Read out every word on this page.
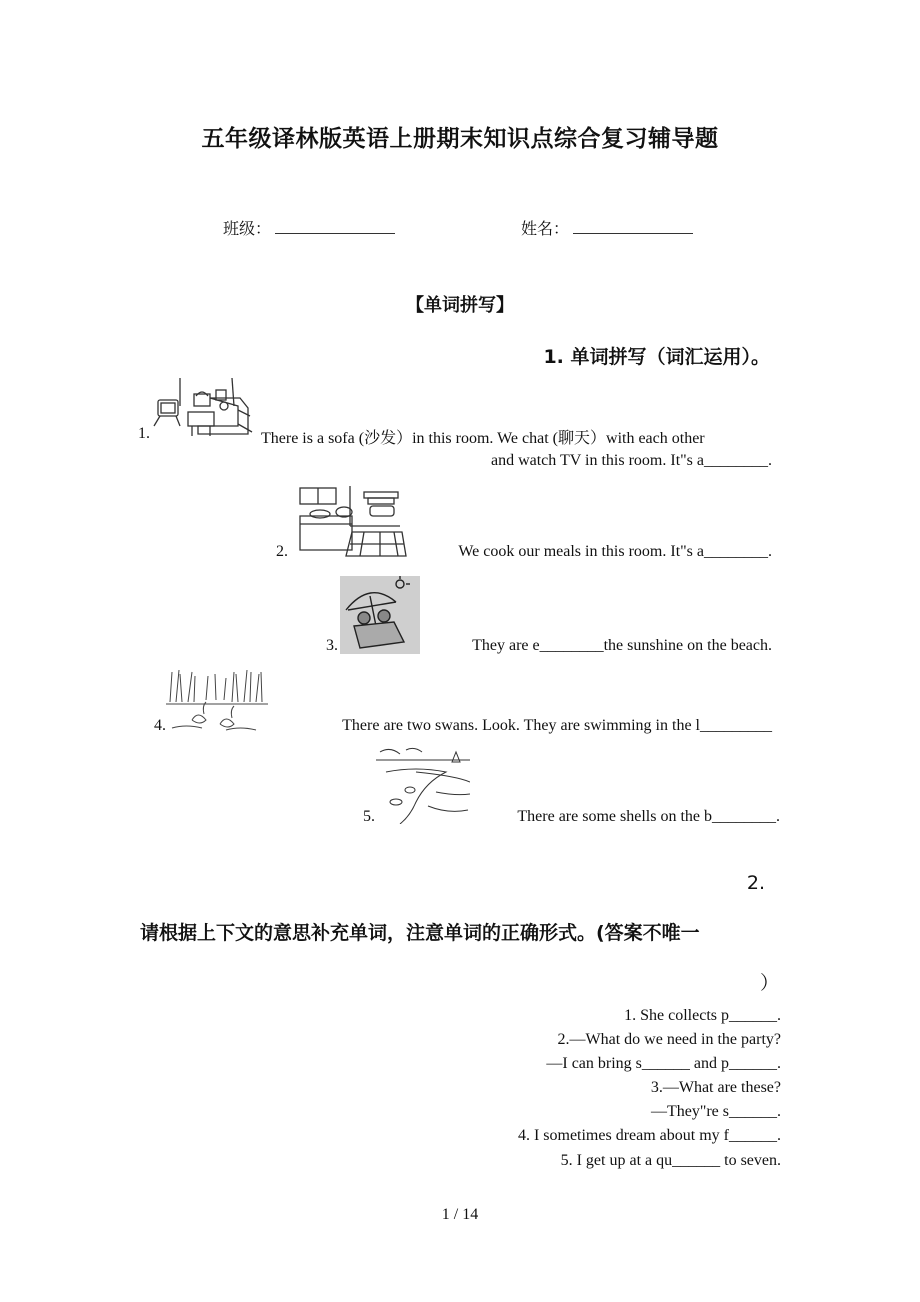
五年级译林版英语上册期末知识点综合复习辅导题
班级：	姓名：
【单词拼写】
1. 单词拼写（词汇运用）。
1.	There is a sofa (沙发）in this room. We chat (聊天）with each other
and watch TV in this room. It"s a________.
2.	We cook our meals in this room. It"s a________.
3.	They are e________the sunshine on the beach.
4.	There are two swans. Look. They are swimming in the l_________
5.	There are some shells on the b________.
2.
请根据上下文的意思补充单词，注意单词的正确形式。(答案不唯一
）
1. She collects p______.
2.—What do we need in the party?
—I can bring s______ and p______.
3.—What are these?
—They"re s______.
4. I sometimes dream about my f______.
5. I get up at a qu______ to seven.
1 / 14
